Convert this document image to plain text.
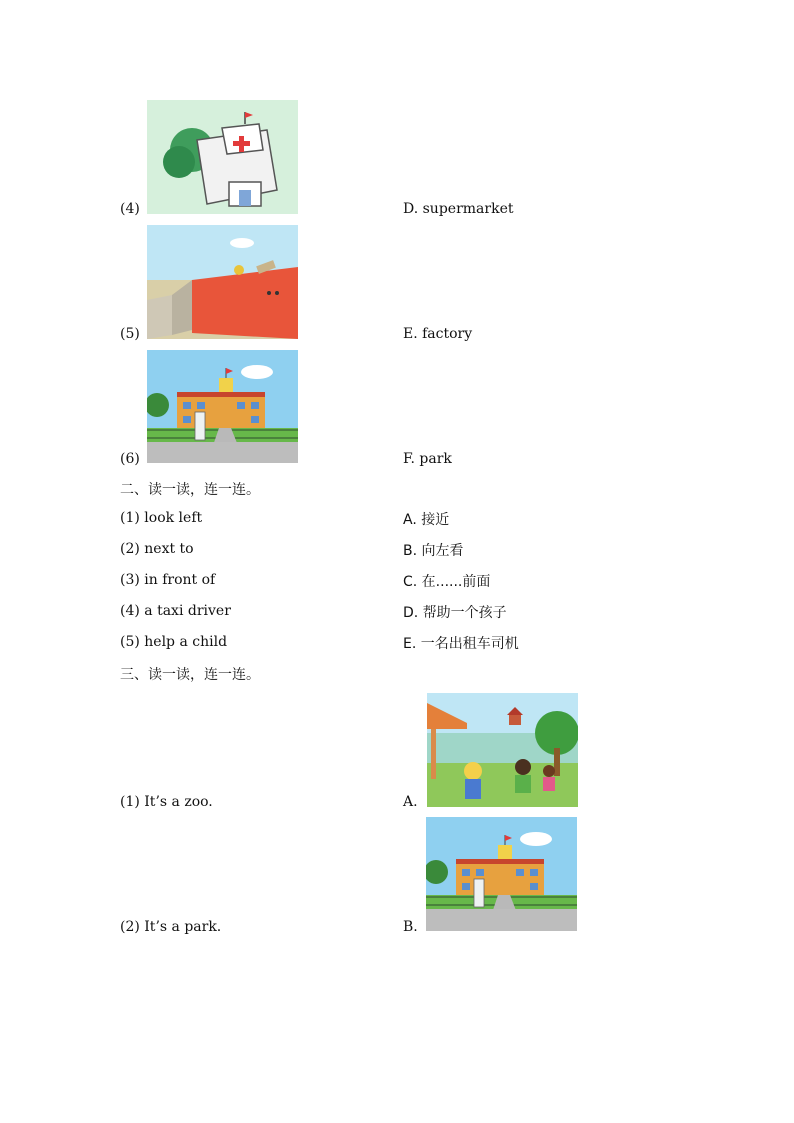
(4)	D. supermarket
(5)	E. factory
(6)	F. park
二、读一读，连一连。
(1) look left	A. 接近
(2) next to	B. 向左看
(3) in front of	C. 在......前面
(4) a taxi driver	D. 帮助一个孩子
(5) help a child	E. 一名出租车司机
三、读一读，连一连。
(1) It’s a zoo.	A.
(2) It’s a park.	B.
